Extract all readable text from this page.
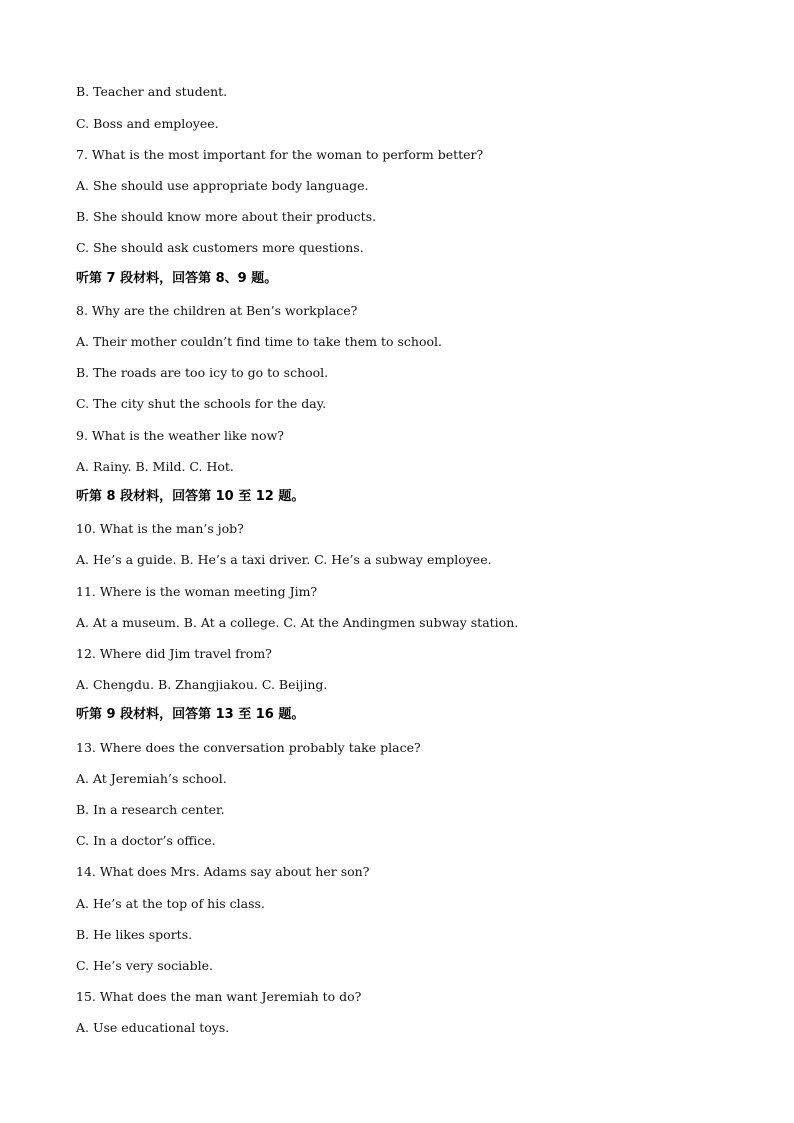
B. Teacher and student.
C. Boss and employee.
7. What is the most important for the woman to perform better?
A. She should use appropriate body language.
B. She should know more about their products.
C. She should ask customers more questions.
听第 7 段材料，回答第 8、9 题。
8. Why are the children at Ben’s workplace?
A. Their mother couldn’t find time to take them to school.
B. The roads are too icy to go to school.
C. The city shut the schools for the day.
9. What is the weather like now?
A. Rainy. B. Mild. C. Hot.
听第 8 段材料，回答第 10 至 12 题。
10. What is the man’s job?
A. He’s a guide. B. He’s a taxi driver. C. He’s a subway employee.
11. Where is the woman meeting Jim?
A. At a museum. B. At a college. C. At the Andingmen subway station.
12. Where did Jim travel from?
A. Chengdu. B. Zhangjiakou. C. Beijing.
听第 9 段材料，回答第 13 至 16 题。
13. Where does the conversation probably take place?
A. At Jeremiah’s school.
B. In a research center.
C. In a doctor’s office.
14. What does Mrs. Adams say about her son?
A. He’s at the top of his class.
B. He likes sports.
C. He’s very sociable.
15. What does the man want Jeremiah to do?
A. Use educational toys.
